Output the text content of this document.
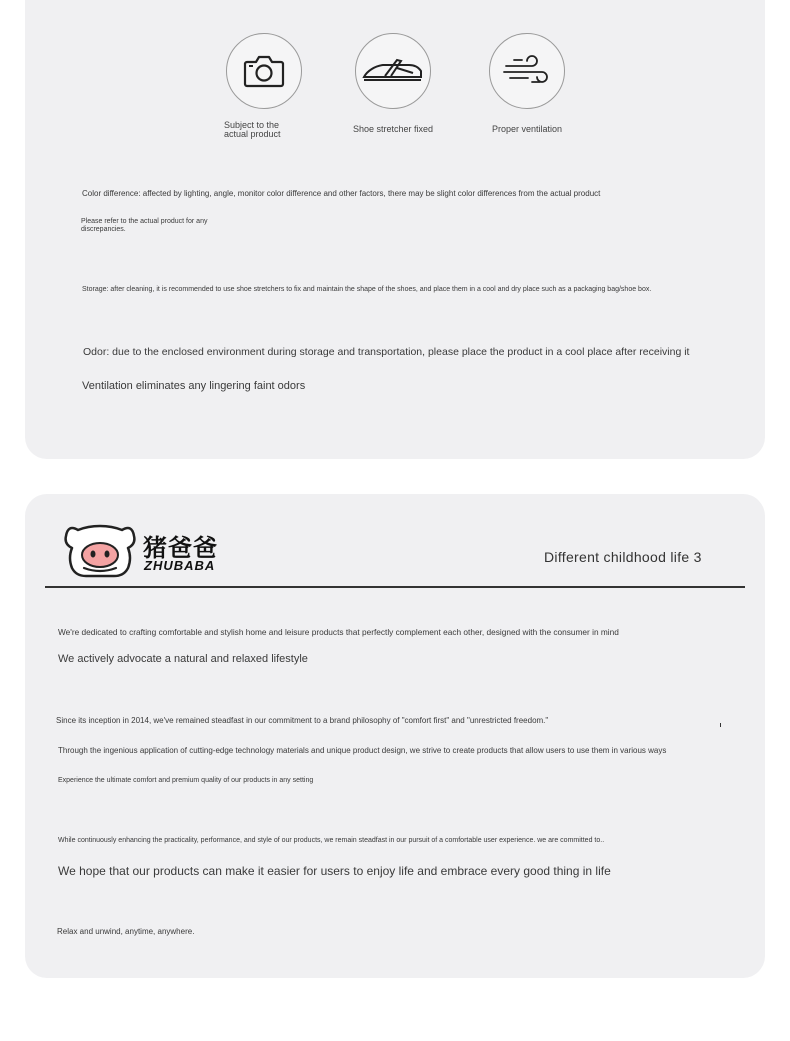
Subject to the actual product
Shoe stretcher fixed	Proper ventilation
Color difference: affected by lighting, angle, monitor color difference and other factors, there may be slight color differences from the actual product
Please refer to the actual product for any discrepancies.
Storage: after cleaning, it is recommended to use shoe stretchers to fix and maintain the shape of the shoes, and place them in a cool and dry place such as a packaging bag/shoe box.
Odor: due to the enclosed environment during storage and transportation, please place the product in a cool place after receiving it
Ventilation eliminates any lingering faint odors
猪爸爸
ZHUBABA
Different childhood life 3
We're dedicated to crafting comfortable and stylish home and leisure products that perfectly complement each other, designed with the consumer in mind
We actively advocate a natural and relaxed lifestyle
Since its inception in 2014, we've remained steadfast in our commitment to a brand philosophy of "comfort first" and "unrestricted freedom."
Through the ingenious application of cutting-edge technology materials and unique product design, we strive to create products that allow users to use them in various ways
Experience the ultimate comfort and premium quality of our products in any setting
While continuously enhancing the practicality, performance, and style of our products, we remain steadfast in our pursuit of a comfortable user experience. we are committed to..
We hope that our products can make it easier for users to enjoy life and embrace every good thing in life
Relax and unwind, anytime, anywhere.
